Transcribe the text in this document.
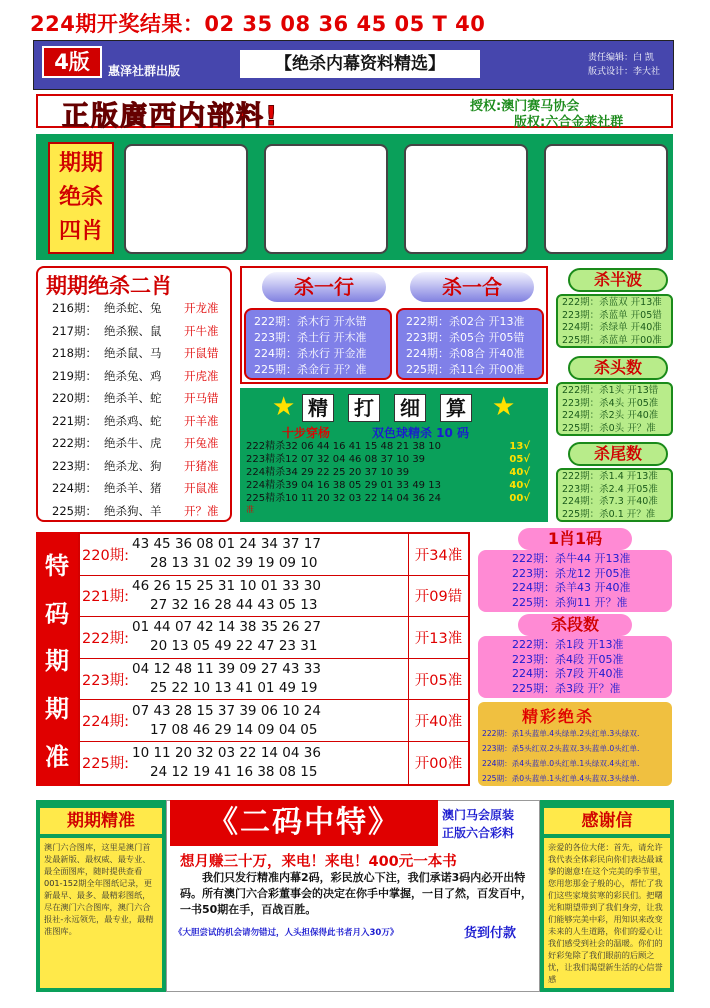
224期开奖结果：02 35 08 36 45 05 T 40
4版	惠泽社群出版	【绝杀内幕资料精选】	责任编辑：白 凯
版式设计：李大社
正版廣西内部料!	授权:澳门赛马协会
版权:六合金莱社群
期期
绝杀
四肖
期期绝杀二肖
216期： 绝杀蛇、兔	开龙准
217期： 绝杀猴、鼠	开牛准
218期： 绝杀鼠、马	开鼠错
219期： 绝杀兔、鸡	开虎准
220期： 绝杀羊、蛇	开马错
221期： 绝杀鸡、蛇	开羊准
222期： 绝杀牛、虎	开兔准
223期： 绝杀龙、狗	开猪准
224期： 绝杀羊、猪	开鼠准
225期： 绝杀狗、羊	开？准
杀一行	杀一合
222期：杀木行 开水错
223期：杀土行 开木准
224期：杀水行 开金准
225期：杀金行 开？准
222期：杀02合 开13准
223期：杀05合 开05错
224期：杀08合 开40准
225期：杀11合 开00准
★	★
精	打	细	算
十步穿杨	双色球精杀 10 码
222精杀32 06 44 16 41 15 48 21 38 10	13√
223精杀12 07 32 04 46 08 37 10 39	05√
224精杀34 29 22 25 20 37 10 39	40√
224精杀39 04 16 38 05 29 01 33 49 13	40√
225精杀10 11 20 32 03 22 14 04 36 24	00√
准
杀半波
222期：杀蓝双 开13准
223期：杀蓝单 开05错
224期：杀绿单 开40准
225期：杀蓝单 开00准
杀头数
222期：杀1头 开13错
223期：杀4头 开05准
224期：杀2头 开40准
225期：杀0头 开？准
杀尾数
222期：杀1.4 开13准
223期：杀2.4 开05准
224期：杀7.3 开40准
225期：杀0.1 开？准
特
码
期
期
准
220期:
43 45 36 08 01 24 34 37 17
28 13 31 02 39 19 09 10	开34准
221期:
46 26 15 25 31 10 01 33 30
27 32 16 28 44 43 05 13	开09错
222期:
01 44 07 42 14 38 35 26 27
20 13 05 49 22 47 23 31	开13准
223期:
04 12 48 11 39 09 27 43 33
25 22 10 13 41 01 49 19	开05准
224期:
07 43 28 15 37 39 06 10 24
17 08 46 29 14 09 04 05	开40准
225期:
10 11 20 32 03 22 14 04 36
24 12 19 41 16 38 08 15	开00准
1肖1码
222期：杀牛44 开13准
223期：杀龙12 开05准
224期：杀羊43 开40准
225期：杀狗11 开？准
杀段数
222期：杀1段 开13准
223期：杀4段 开05准
224期：杀7段 开40准
225期：杀3段 开？准
精彩绝杀
222期：杀1头蓝单.4头绿单.2头红单.3头绿双.
223期：杀5头红双.2头蓝双.3头蓝单.0头红单.
224期：杀4头蓝单.0头红单.1头绿双.4头红单.
225期：杀0头蓝单.1头红单.4头蓝双.3头绿单.
期期精准
澳门六合图库，这里是澳门首发最新版、最权威、最专业、最全面图库，随时提供查看001-152期全年图纸记录，更新最早、最多、最精彩图纸，尽在澳门六合图库，澳门六合报社-永远领先，最专业，最精准图库。
《二码中特》	澳门马会原装
正版六合彩料
想月赚三十万，来电！来电！400元一本书
我们只发行精准内幕2码，彩民放心下注，我们承诺3码内必开出特码。所有澳门六合彩董事会的决定在你手中掌握，一目了然，百发百中，一书50期在手，百战百胜。
《大胆尝试的机会请勿错过，人头担保得此书者月入30万》	货到付款
感谢信
亲爱的各位大佬：首先，请允许我代表全体彩民向你们表达最诚挚的谢意!在这个完美的季节里，您用您那金子般的心，帮忙了我们这些家境贫寒的彩民们。把曙光和期望带到了我们身旁，让我们能够完美中彩，用知识来改变未来的人生道路，你们的爱心让我们感受到社会的温暖。你们的好彩兔除了我们眼前的后顾之忧，让我们渴望新生活的心信誉感
